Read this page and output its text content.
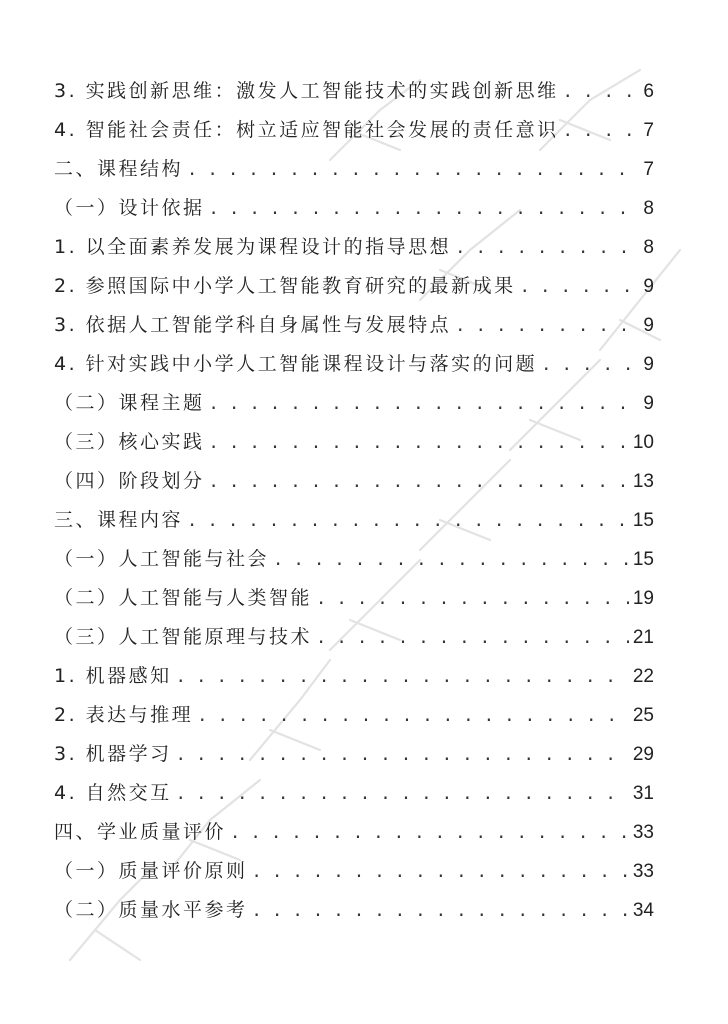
3. 实践创新思维：激发人工智能技术的实践创新思维 . . .	6
4. 智能社会责任：树立适应智能社会发展的责任意识 . . .	7
二、课程结构 . . .	7
（一）设计依据 . . .	8
1. 以全面素养发展为课程设计的指导思想 . . .	8
2. 参照国际中小学人工智能教育研究的最新成果 . . .	9
3. 依据人工智能学科自身属性与发展特点 . . .	9
4. 针对实践中小学人工智能课程设计与落实的问题 . . .	9
（二）课程主题 . . .	9
（三）核心实践 . . .	10
（四）阶段划分 . . .	13
三、课程内容 . . .	15
（一）人工智能与社会 . . .	15
（二）人工智能与人类智能 . . .	19
（三）人工智能原理与技术 . . .	21
1. 机器感知 . . .	22
2. 表达与推理 . . .	25
3. 机器学习 . . .	29
4. 自然交互 . . .	31
四、学业质量评价 . . .	33
（一）质量评价原则 . . .	33
（二）质量水平参考 . . .	34
